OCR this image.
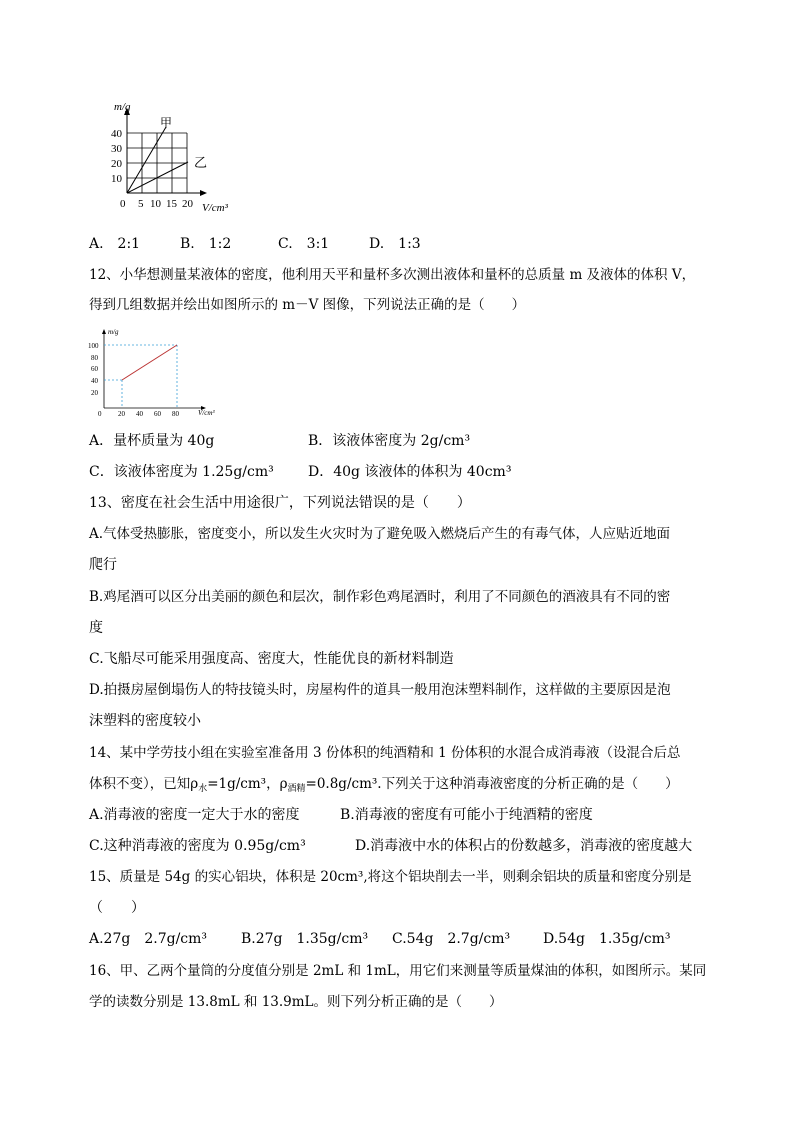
m/g
40
30
20
10
0 5 10 15 20 V/cm³
甲
乙
A.　2:1	B.　1:2	C.　3:1	D.　1:3
12、小华想测量某液体的密度，他利用天平和量杯多次测出液体和量杯的总质量 m 及液体的体积 V，
得到几组数据并绘出如图所示的 m－V 图像，下列说法正确的是（　　）
m/g
100
80
60
40
20
0 20 40 60 80	V/cm³
A．量杯质量为 40g	B．该液体密度为 2g/cm³
C．该液体密度为 1.25g/cm³ D．40g 该液体的体积为 40cm³
13、密度在社会生活中用途很广，下列说法错误的是（　　）
A.气体受热膨胀，密度变小，所以发生火灾时为了避免吸入燃烧后产生的有毒气体，人应贴近地面
爬行
B.鸡尾酒可以区分出美丽的颜色和层次，制作彩色鸡尾酒时，利用了不同颜色的酒液具有不同的密
度
C.飞船尽可能采用强度高、密度大，性能优良的新材料制造
D.拍摄房屋倒塌伤人的特技镜头时，房屋构件的道具一般用泡沫塑料制作，这样做的主要原因是泡
沫塑料的密度较小
14、某中学劳技小组在实验室准备用 3 份体积的纯酒精和 1 份体积的水混合成消毒液（设混合后总
体积不变），已知$\rho_水=1g$/cm³，$\rho_{酒精}=0.8g$/cm³.下列关于这种消毒液密度的分析正确的是（　　）
A.消毒液的密度一定大于水的密度	B.消毒液的密度有可能小于纯酒精的密度
C.这种消毒液的密度为 0.95g/cm³	D.消毒液中水的体积占的份数越多，消毒液的密度越大
15、质量是 54g 的实心铝块，体积是 20cm³,将这个铝块削去一半，则剩余铝块的质量和密度分别是
（　　）
A.27g　2.7g/cm³ B.27g　1.35g/cm³ C.54g　2.7g/cm³ D.54g　1.35g/cm³
16、甲、乙两个量筒的分度值分别是 2mL 和 1mL，用它们来测量等质量煤油的体积，如图所示。某同
学的读数分别是 13.8mL 和 13.9mL。则下列分析正确的是（　　）
